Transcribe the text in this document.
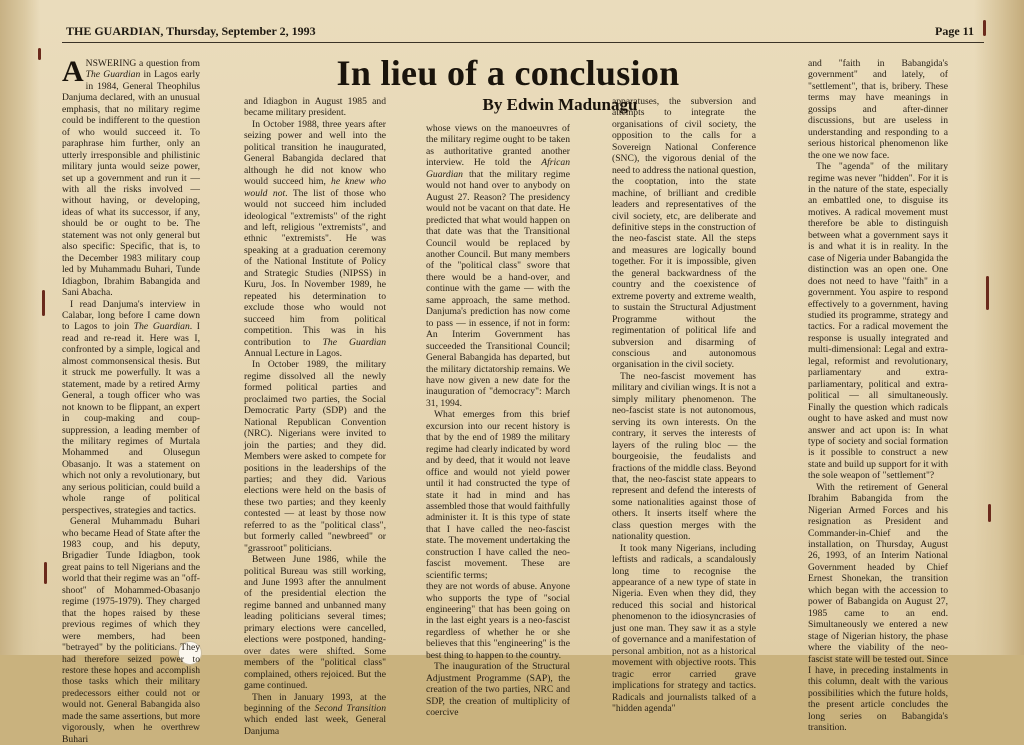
THE GUARDIAN, Thursday, September 2, 1993	Page 11
In lieu of a conclusion
By Edwin Madunagu

ANSWERING a question from The Guardian in Lagos early in 1984, General Theophilus Danjuma declared, with an unusual emphasis, that no military regime could be indifferent to the question of who would succeed it. To paraphrase him further, only an utterly irresponsible and philistinic military junta would seize power, set up a government and run it — with all the risks involved — without having, or developing, ideas of what its successor, if any, should be or ought to be. The statement was not only general but also specific: Specific, that is, to the December 1983 military coup led by Muhammadu Buhari, Tunde Idiagbon, Ibrahim Babangida and Sani Abacha.

I read Danjuma's interview in Calabar, long before I came down to Lagos to join The Guardian. I read and re-read it. Here was I, confronted by a simple, logical and almost commonsensical thesis. But it struck me powerfully. It was a statement, made by a retired Army General, a tough officer who was not known to be flippant, an expert in coup-making and coup-suppression, a leading member of the military regimes of Murtala Mohammed and Olusegun Obasanjo. It was a statement on which not only a revolutionary, but any serious politician, could build a whole range of political perspectives, strategies and tactics.

General Muhammadu Buhari who became Head of State after the 1983 coup, and his deputy, Brigadier Tunde Idiagbon, took great pains to tell Nigerians and the world that their regime was an "off-shoot" of Mohammed-Obasanjo regime (1975-1979). They charged that the hopes raised by these previous regimes of which they were members, had been "betrayed" by the politicians. They had therefore seized power to restore these hopes and accomplish those tasks which their military predecessors either could not or would not. General Babangida also made the same assertions, but more vigorously, when he overthrew Buhari

and Idiagbon in August 1985 and became military president.

In October 1988, three years after seizing power and well into the political transition he inaugurated, General Babangida declared that although he did not know who would succeed him, he knew who would not. The list of those who would not succeed him included ideological "extremists" of the right and left, religious "extremists", and ethnic "extremists". He was speaking at a graduation ceremony of the National Institute of Policy and Strategic Studies (NIPSS) in Kuru, Jos. In November 1989, he repeated his determination to exclude those who would not succeed him from political competition. This was in his contribution to The Guardian Annual Lecture in Lagos.

In October 1989, the military regime dissolved all the newly formed political parties and proclaimed two parties, the Social Democratic Party (SDP) and the National Republican Convention (NRC). Nigerians were invited to join the parties; and they did. Members were asked to compete for positions in the leaderships of the parties; and they did. Various elections were held on the basis of these two parties; and they keenly contested — at least by those now referred to as the "political class", but formerly called "newbreed" or "grassroot" politicians.

Between June 1986, while the political Bureau was still working, and June 1993 after the annulment of the presidential election the regime banned and unbanned many leading politicians several times; primary elections were cancelled, elections were postponed, handing-over dates were shifted. Some members of the "political class" complained, others rejoiced. But the game continued.

Then in January 1993, at the beginning of the Second Transition which ended last week, General Danjuma

whose views on the manoeuvres of the military regime ought to be taken as authoritative granted another interview. He told the African Guardian that the military regime would not hand over to anybody on August 27. Reason? The presidency would not be vacant on that date. He predicted that what would happen on that date was that the Transitional Council would be replaced by another Council. But many members of the "political class" swore that there would be a hand-over, and continue with the game — with the same approach, the same method. Danjuma's prediction has now come to pass — in essence, if not in form: An Interim Government has succeeded the Transitional Council; General Babangida has departed, but the military dictatorship remains. We have now given a new date for the inauguration of "democracy": March 31, 1994.

What emerges from this brief excursion into our recent history is that by the end of 1989 the military regime had clearly indicated by word and by deed, that it would not leave office and would not yield power until it had constructed the type of state it had in mind and has assembled those that would faithfully administer it. It is this type of state that I have called the neo-fascist state. The movement undertaking the construction I have called the neo-fascist movement. These are scientific terms;

they are not words of abuse. Anyone who supports the type of "social engineering" that has been going on in the last eight years is a neo-fascist regardless of whether he or she believes that this "engineering" is the best thing to happen to the country.

The inauguration of the Structural Adjustment Programme (SAP), the creation of the two parties, NRC and SDP, the creation of multiplicity of coercive

apparatuses, the subversion and attempts to integrate the organisations of civil society, the opposition to the calls for a Sovereign National Conference (SNC), the vigorous denial of the need to address the national question, the cooptation, into the state machine, of brilliant and credible leaders and representatives of the civil society, etc, are deliberate and definitive steps in the construction of the neo-fascist state. All the steps and measures are logically bound together. For it is impossible, given the general backwardness of the country and the coexistence of extreme poverty and extreme wealth, to sustain the Structural Adjustment Programme without the regimentation of political life and subversion and disarming of conscious and autonomous organisation in the civil society.

The neo-fascist movement has military and civilian wings. It is not a simply military phenomenon. The neo-fascist state is not autonomous, serving its own interests. On the contrary, it serves the interests of layers of the ruling bloc — the bourgeoisie, the feudalists and fractions of the middle class. Beyond that, the neo-fascist state appears to represent and defend the interests of some nationalities against those of others. It inserts itself where the class question merges with the nationality question.

It took many Nigerians, including leftists and radicals, a scandalously long time to recognise the appearance of a new type of state in Nigeria. Even when they did, they reduced this social and historical phenomenon to the idiosyncrasies of just one man. They saw it as a style of governance and a manifestation of personal ambition, not as a historical movement with objective roots. This tragic error carried grave implications for strategy and tactics. Radicals and journalists talked of a "hidden agenda"

and "faith in Babangida's government" and lately, of "settlement", that is, bribery. These terms may have meanings in gossips and after-dinner discussions, but are useless in understanding and responding to a serious historical phenomenon like the one we now face.

The "agenda" of the military regime was never "hidden". For it is in the nature of the state, especially an embattled one, to disguise its motives. A radical movement must therefore be able to distinguish between what a government says it is and what it is in reality. In the case of Nigeria under Babangida the distinction was an open one. One does not need to have "faith" in a government. You aspire to respond effectively to a government, having studied its programme, strategy and tactics. For a radical movement the response is usually integrated and multi-dimensional: Legal and extra-legal, reformist and revolutionary, parliamentary and extra-parliamentary, political and extra-political — all simultaneously. Finally the question which radicals ought to have asked and must now answer and act upon is: In what type of society and social formation is it possible to construct a new state and build up support for it with the sole weapon of "settlement"?

With the retirement of General Ibrahim Babangida from the Nigerian Armed Forces and his resignation as President and Commander-in-Chief and the installation, on Thursday, August 26, 1993, of an Interim National Government headed by Chief Ernest Shonekan, the transition which began with the accession to power of Babangida on August 27, 1985 came to an end. Simultaneously we entered a new stage of Nigerian history, the phase where the viability of the neo-fascist state will be tested out. Since I have, in preceding instalments in this column, dealt with the various possibilities which the future holds, the present article concludes the long series on Babangida's transition.
